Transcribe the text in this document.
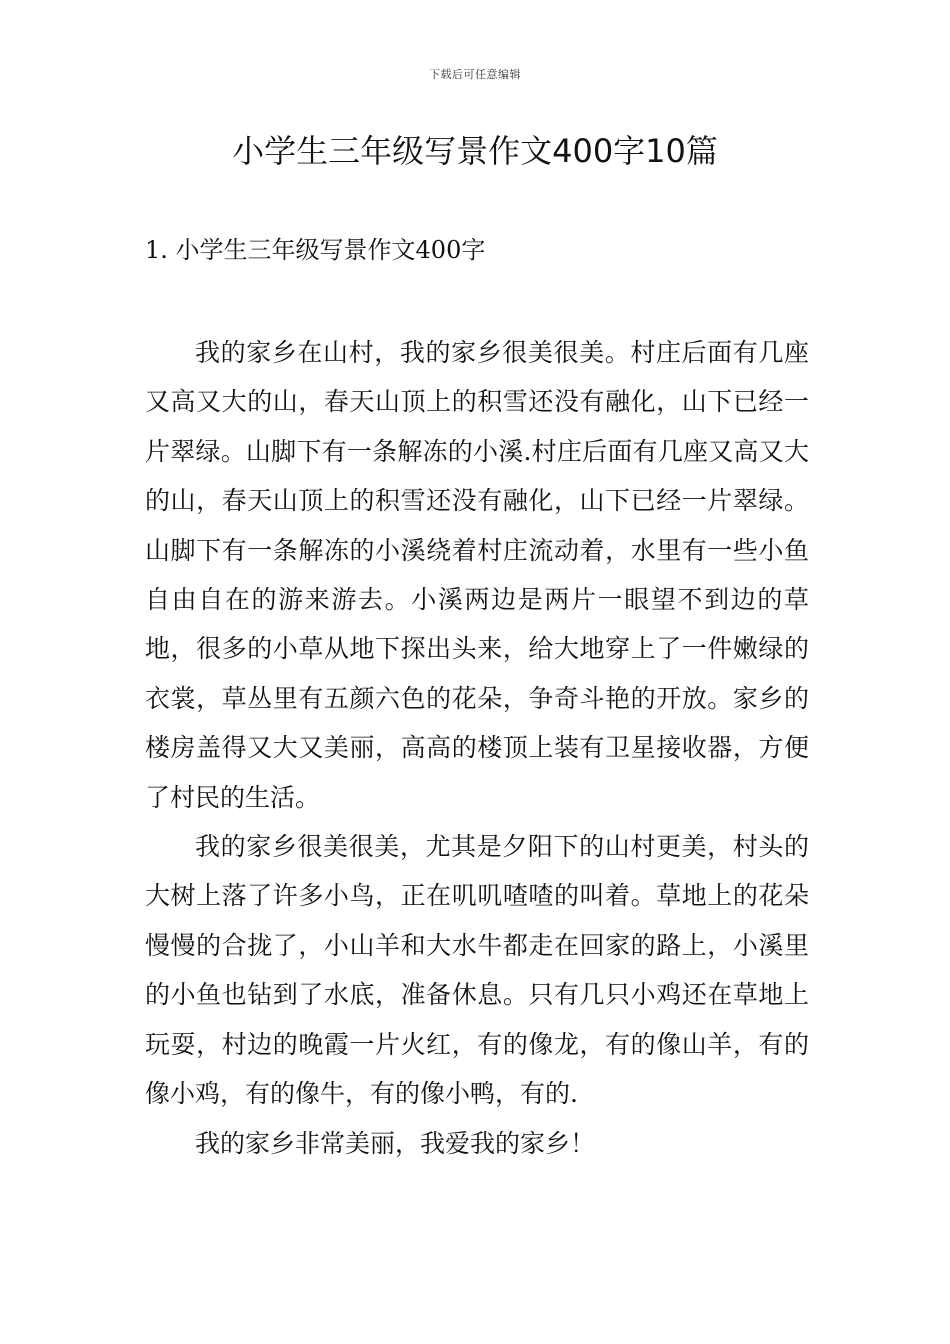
下载后可任意编辑
小学生三年级写景作文400字10篇
1. 小学生三年级写景作文400字

我的家乡在山村，我的家乡很美很美。村庄后面有几座又高又大的山，春天山顶上的积雪还没有融化，山下已经一片翠绿。山脚下有一条解冻的小溪.村庄后面有几座又高又大的山，春天山顶上的积雪还没有融化，山下已经一片翠绿。山脚下有一条解冻的小溪绕着村庄流动着，水里有一些小鱼自由自在的游来游去。小溪两边是两片一眼望不到边的草地，很多的小草从地下探出头来，给大地穿上了一件嫩绿的衣裳，草丛里有五颜六色的花朵，争奇斗艳的开放。家乡的楼房盖得又大又美丽，高高的楼顶上装有卫星接收器，方便了村民的生活。

我的家乡很美很美，尤其是夕阳下的山村更美，村头的大树上落了许多小鸟，正在叽叽喳喳的叫着。草地上的花朵慢慢的合拢了，小山羊和大水牛都走在回家的路上，小溪里的小鱼也钻到了水底，准备休息。只有几只小鸡还在草地上玩耍，村边的晚霞一片火红，有的像龙，有的像山羊，有的像小鸡，有的像牛，有的像小鸭，有的.

我的家乡非常美丽，我爱我的家乡！
